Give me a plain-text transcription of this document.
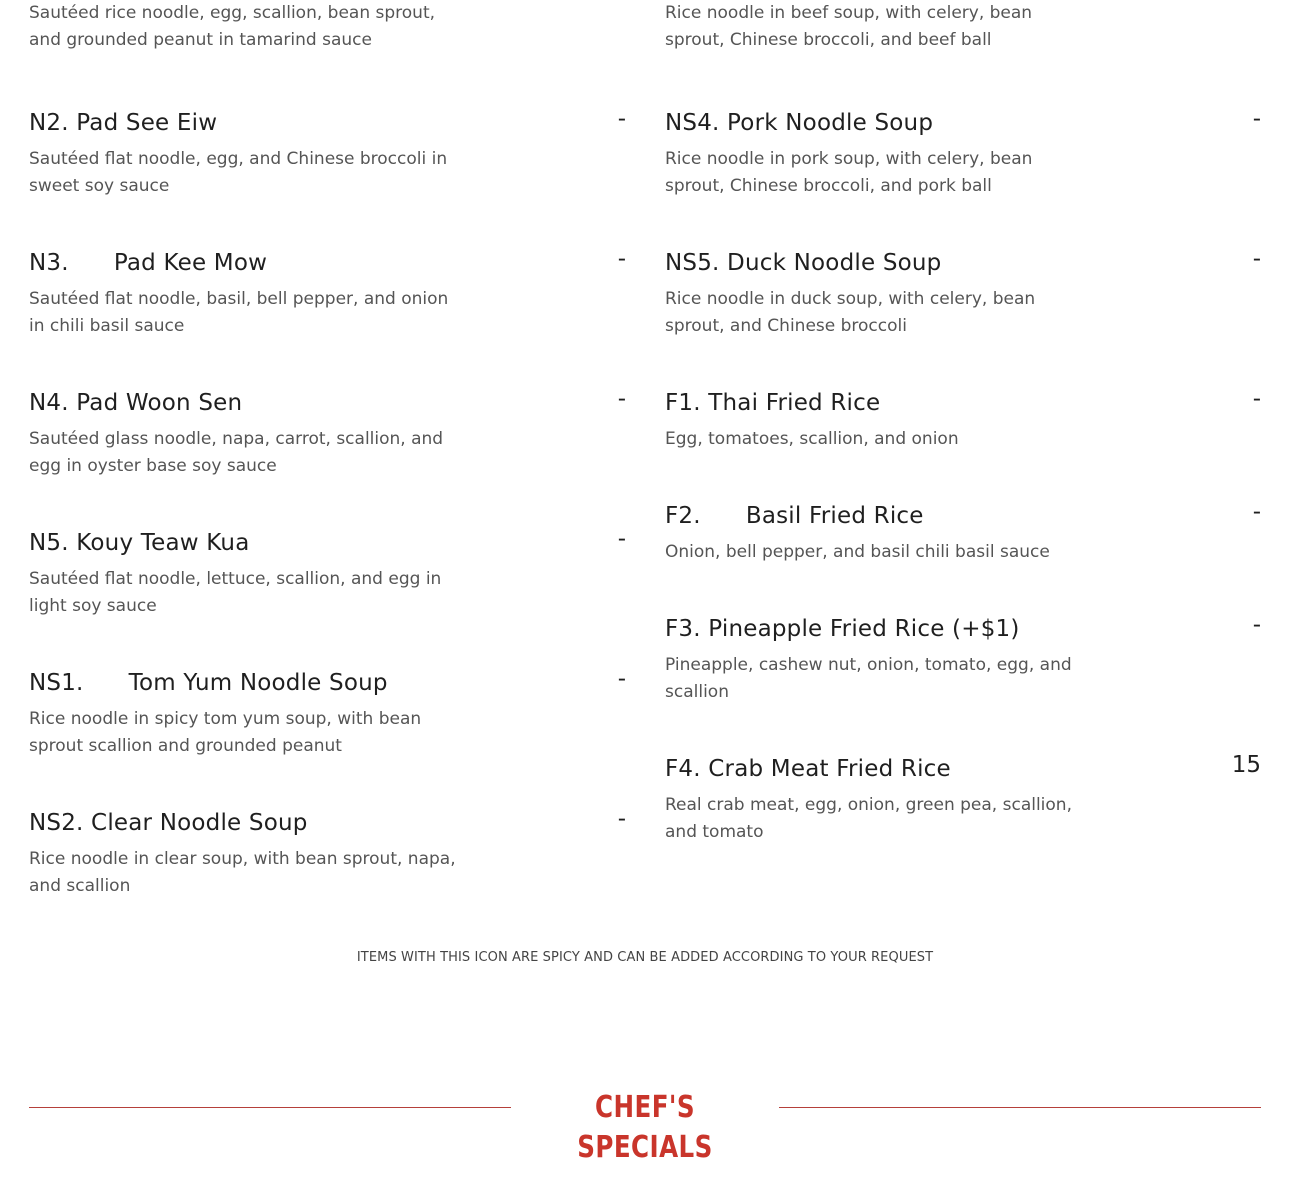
Sautéed rice noodle, egg, scallion, bean sprout, and grounded peanut in tamarind sauce
N2. Pad See Eiw	-
Sautéed flat noodle, egg, and Chinese broccoli in sweet soy sauce
N3.      Pad Kee Mow	-
Sautéed flat noodle, basil, bell pepper, and onion in chili basil sauce
N4. Pad Woon Sen	-
Sautéed glass noodle, napa, carrot, scallion, and egg in oyster base soy sauce
N5. Kouy Teaw Kua	-
Sautéed flat noodle, lettuce, scallion, and egg in light soy sauce
NS1.      Tom Yum Noodle Soup	-
Rice noodle in spicy tom yum soup, with bean sprout scallion and grounded peanut
NS2. Clear Noodle Soup	-
Rice noodle in clear soup, with bean sprout, napa, and scallion
Rice noodle in beef soup, with celery, bean sprout, Chinese broccoli, and beef ball
NS4. Pork Noodle Soup	-
Rice noodle in pork soup, with celery, bean sprout, Chinese broccoli, and pork ball
NS5. Duck Noodle Soup	-
Rice noodle in duck soup, with celery, bean sprout, and Chinese broccoli
F1. Thai Fried Rice	-
Egg, tomatoes, scallion, and onion
F2.      Basil Fried Rice	-
Onion, bell pepper, and basil chili basil sauce
F3. Pineapple Fried Rice (+$1)	-
Pineapple, cashew nut, onion, tomato, egg, and scallion
F4. Crab Meat Fried Rice	15
Real crab meat, egg, onion, green pea, scallion, and tomato
ITEMS WITH THIS ICON ARE SPICY AND CAN BE ADDED ACCORDING TO YOUR REQUEST
CHEF'S SPECIALS
